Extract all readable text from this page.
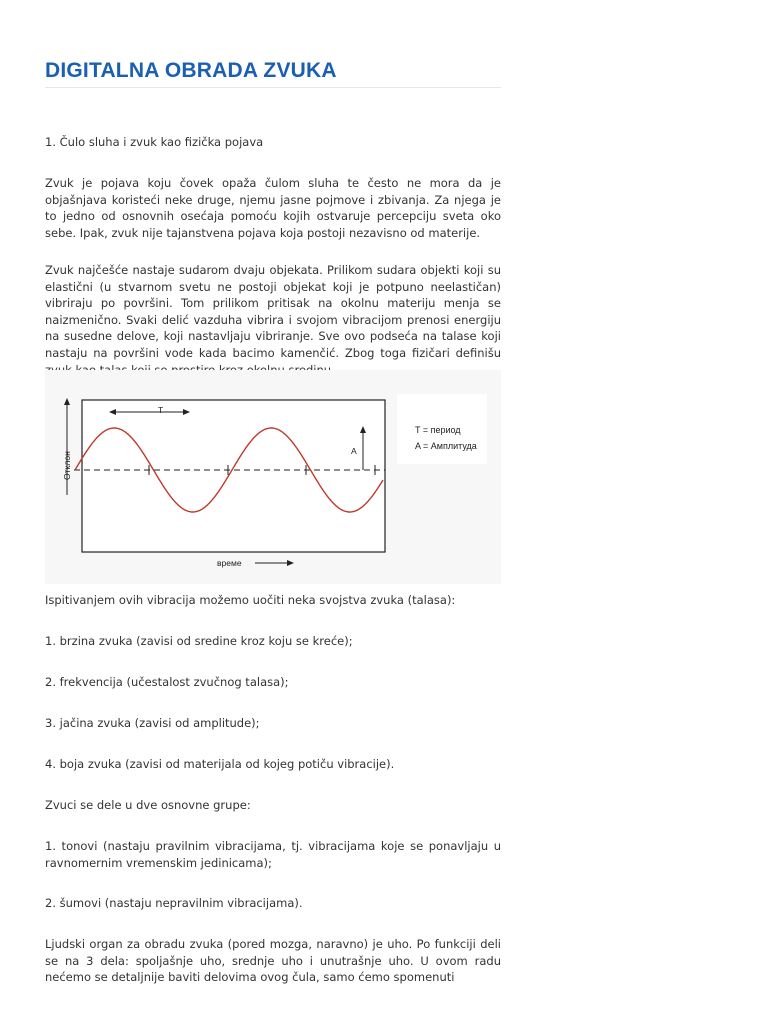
DIGITALNA OBRADA ZVUKA

1. Čulo sluha i zvuk kao fizička pojava

Zvuk je pojava koju čovek opaža čulom sluha te često ne mora da je objašnjava koristeći neke druge, njemu jasne pojmove i zbivanja. Za njega je to jedno od osnovnih osećaja pomoću kojih ostvaruje percepciju sveta oko sebe. Ipak, zvuk nije tajanstvena pojava koja postoji nezavisno od materije.

Zvuk najčešće nastaje sudarom dvaju objekata. Prilikom sudara objekti koji su elastični (u stvarnom svetu ne postoji objekat koji je potpuno neelastičan) vibriraju po površini. Tom prilikom pritisak na okolnu materiju menja se naizmenično. Svaki delić vazduha vibrira i svojom vibracijom prenosi energiju na susedne delove, koji nastavljaju vibriranje. Sve ovo podseća na talase koji nastaju na površini vode kada bacimo kamenčić. Zbog toga fizičari definišu

Отклон
T
A
T = период
A = Амплитуда
време

Ispitivanjem ovih vibracija možemo uočiti neka svojstva zvuka (talasa):

1. brzina zvuka (zavisi od sredine kroz koju se kreće);

2. frekvencija (učestalost zvučnog talasa);

3. jačina zvuka (zavisi od amplitude);

4. boja zvuka (zavisi od materijala od kojeg potiču vibracije).

Zvuci se dele u dve osnovne grupe:

1. tonovi (nastaju pravilnim vibracijama, tj. vibracijama koje se ponavljaju u ravnomernim vremenskim jedinicama);

2. šumovi (nastaju nepravilnim vibracijama).

Ljudski organ za obradu zvuka (pored mozga, naravno) je uho. Po funkciji deli se na 3 dela: spoljašnje uho, srednje uho i unutrašnje uho. U ovom radu nećemo se detaljnije baviti delovima ovog čula, samo ćemo spomenuti
